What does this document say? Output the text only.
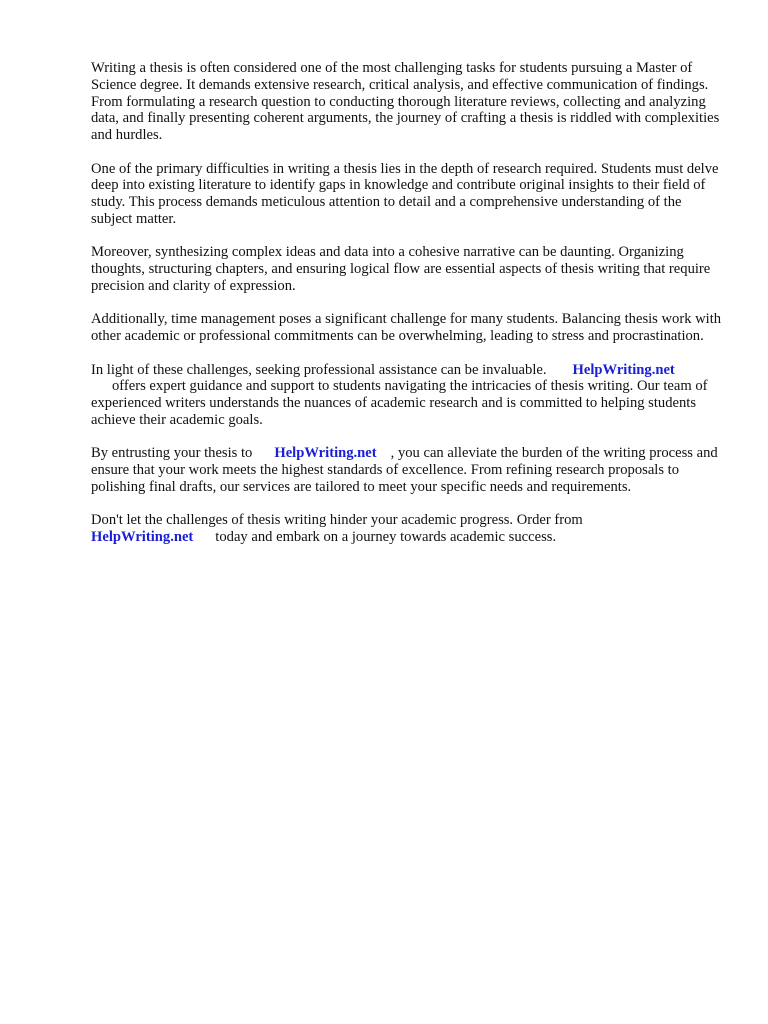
Writing a thesis is often considered one of the most challenging tasks for students pursuing a Master of Science degree. It demands extensive research, critical analysis, and effective communication of findings. From formulating a research question to conducting thorough literature reviews, collecting and analyzing data, and finally presenting coherent arguments, the journey of crafting a thesis is riddled with complexities and hurdles.

One of the primary difficulties in writing a thesis lies in the depth of research required. Students must delve deep into existing literature to identify gaps in knowledge and contribute original insights to their field of study. This process demands meticulous attention to detail and a comprehensive understanding of the subject matter.

Moreover, synthesizing complex ideas and data into a cohesive narrative can be daunting. Organizing thoughts, structuring chapters, and ensuring logical flow are essential aspects of thesis writing that require precision and clarity of expression.

Additionally, time management poses a significant challenge for many students. Balancing thesis work with other academic or professional commitments can be overwhelming, leading to stress and procrastination.

In light of these challenges, seeking professional assistance can be invaluable. HelpWriting.net
offers expert guidance and support to students navigating the intricacies of thesis writing. Our team of experienced writers understands the nuances of academic research and is committed to helping students achieve their academic goals.

By entrusting your thesis to HelpWriting.net , you can alleviate the burden of the writing process and ensure that your work meets the highest standards of excellence. From refining research proposals to polishing final drafts, our services are tailored to meet your specific needs and requirements.

Don't let the challenges of thesis writing hinder your academic progress. Order from
HelpWriting.net today and embark on a journey towards academic success.
